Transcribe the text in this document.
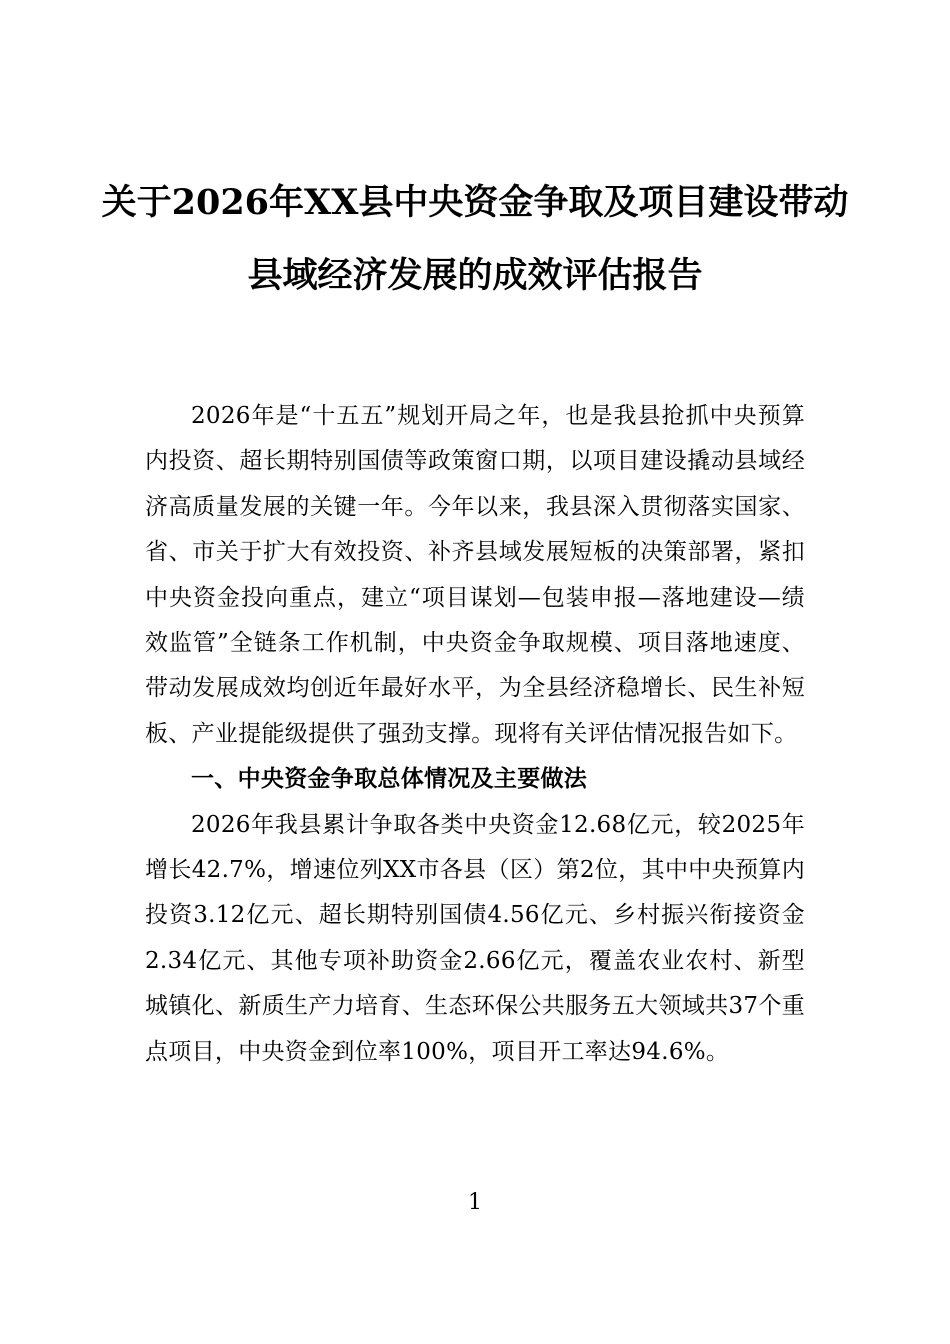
关于2026年XX县中央资金争取及项目建设带动县域经济发展的成效评估报告

2026年是“十五五”规划开局之年，也是我县抢抓中央预算内投资、超长期特别国债等政策窗口期，以项目建设撬动县域经济高质量发展的关键一年。今年以来，我县深入贯彻落实国家、省、市关于扩大有效投资、补齐县域发展短板的决策部署，紧扣中央资金投向重点，建立“项目谋划—包装申报—落地建设—绩效监管”全链条工作机制，中央资金争取规模、项目落地速度、带动发展成效均创近年最好水平，为全县经济稳增长、民生补短板、产业提能级提供了强劲支撑。现将有关评估情况报告如下。

一、中央资金争取总体情况及主要做法

2026年我县累计争取各类中央资金12.68亿元，较2025年增长42.7%，增速位列XX市各县（区）第2位，其中中央预算内投资3.12亿元、超长期特别国债4.56亿元、乡村振兴衔接资金2.34亿元、其他专项补助资金2.66亿元，覆盖农业农村、新型城镇化、新质生产力培育、生态环保公共服务五大领域共37个重点项目，中央资金到位率100%，项目开工率达94.6%。

1
